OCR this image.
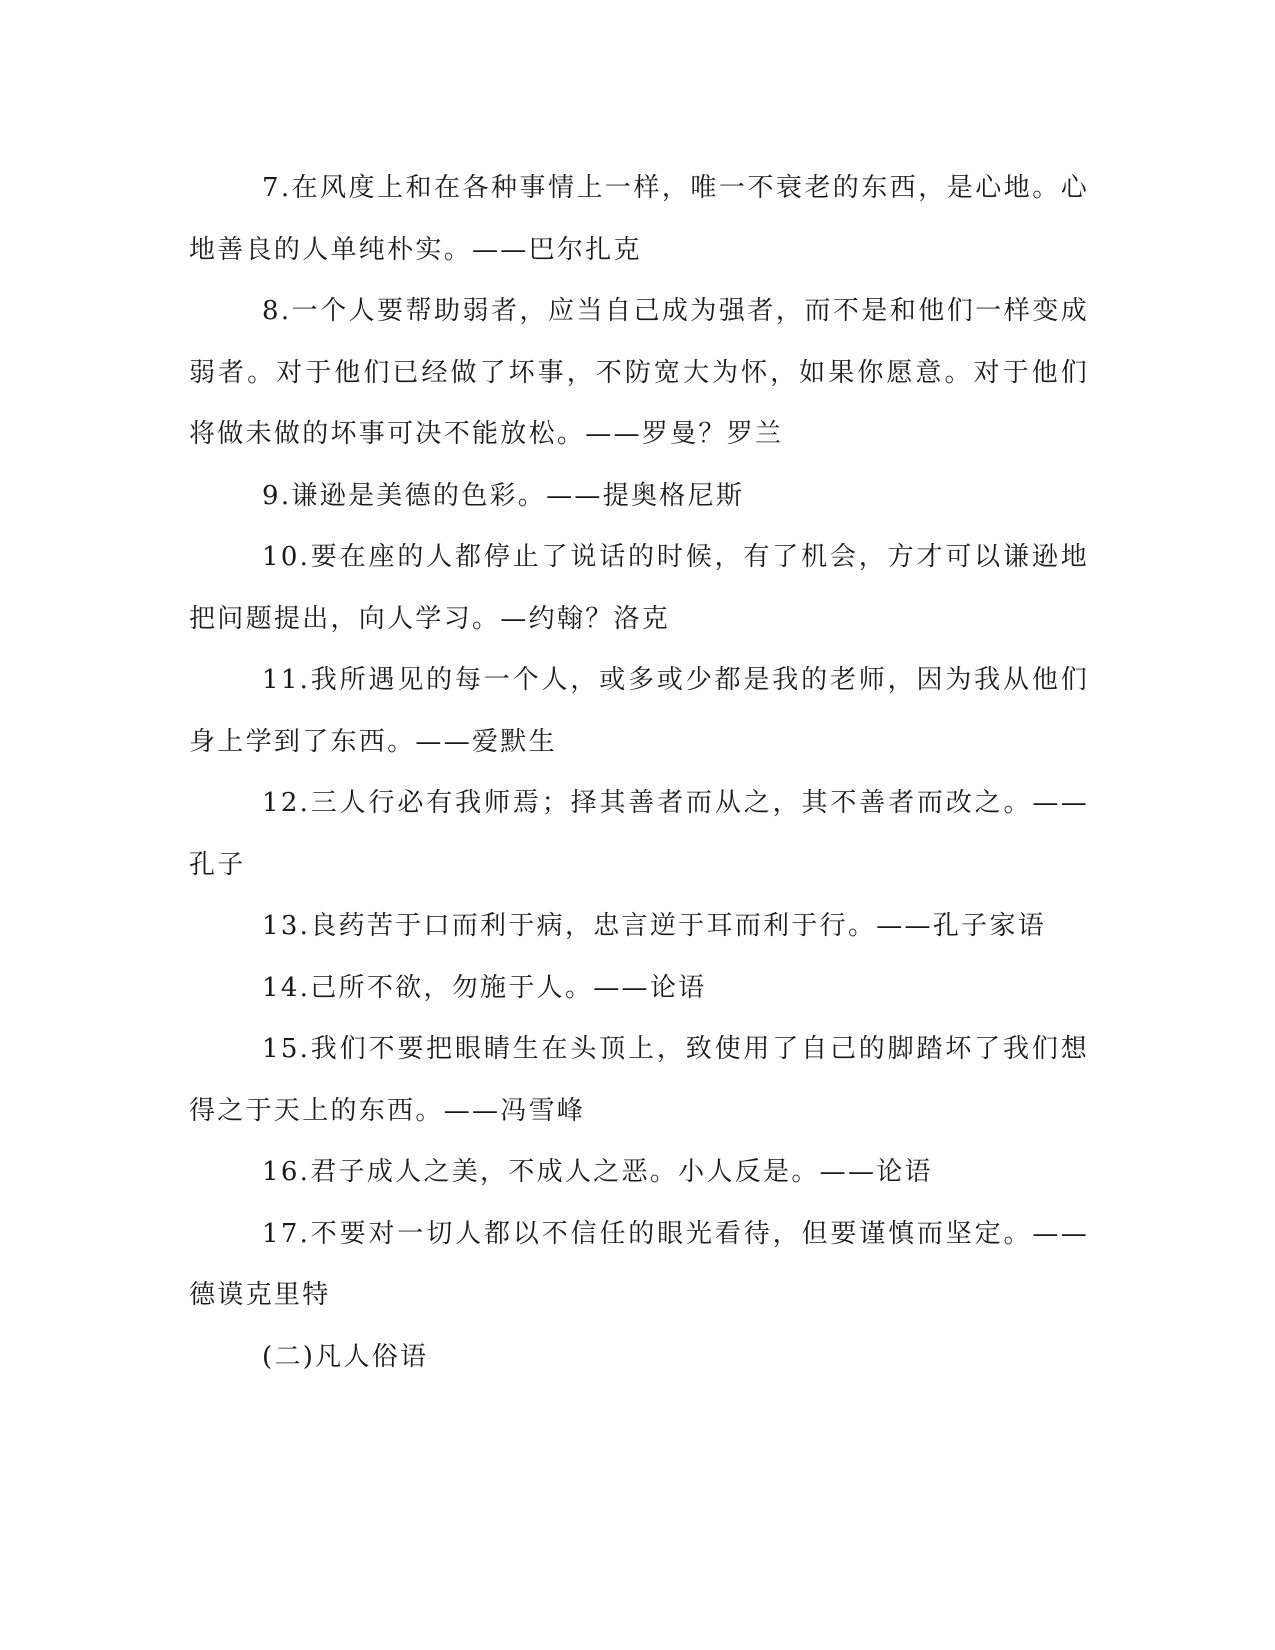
7.在风度上和在各种事情上一样，唯一不衰老的东西，是心地。心地善良的人单纯朴实。——巴尔扎克

8.一个人要帮助弱者，应当自己成为强者，而不是和他们一样变成弱者。对于他们已经做了坏事，不防宽大为怀，如果你愿意。对于他们将做未做的坏事可决不能放松。——罗曼？罗兰

9.谦逊是美德的色彩。——提奥格尼斯

10.要在座的人都停止了说话的时候，有了机会，方才可以谦逊地把问题提出，向人学习。—约翰？洛克

11.我所遇见的每一个人，或多或少都是我的老师，因为我从他们身上学到了东西。——爱默生

12.三人行必有我师焉；择其善者而从之，其不善者而改之。——孔子

13.良药苦于口而利于病，忠言逆于耳而利于行。——孔子家语

14.己所不欲，勿施于人。——论语

15.我们不要把眼睛生在头顶上，致使用了自己的脚踏坏了我们想得之于天上的东西。——冯雪峰

16.君子成人之美，不成人之恶。小人反是。——论语

17.不要对一切人都以不信任的眼光看待，但要谨慎而坚定。——德谟克里特

(二)凡人俗语
